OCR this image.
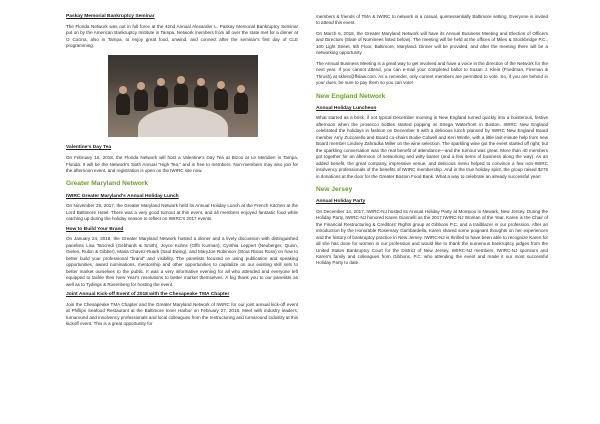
Paskay Memorial Bankruptcy Seminar
The Florida Network was out in full force at the 42nd Annual Alexander L. Paskay Memorial Bankruptcy Seminar put on by the American Bankruptcy Institute in Tampa. Network members from all over the state met for a dinner at O Cocina, also in Tampa, to enjoy great food, unwind, and connect after the seminar's first day of CLE programming.
Valentine's Day Tea
On February 16, 2018, the Florida Network will host a Valentine's Day Tea at Bizou at Le Meridien in Tampa, Florida. It will be the Network's Sixth Annual "High Tea," and is free to members. Non-members may also join for the afternoon event, and registration is open on the IWIRC site now.
Greater Maryland Network
IWIRC Greater Maryland's Annual Holiday Lunch
On November 29, 2017, the Greater Maryland Network held its Annual Holiday Lunch at the French Kitchen at the Lord Baltimore Hotel. There was a very good turnout at this event, and all members enjoyed fantastic food while catching up during the holiday season to reflect on IWIRC's 2017 events.
How to Build Your Brand
On January 24, 2018, the Greater Maryland Network hosted a dinner and a lively discussion with distinguished panelists Lisa Tancredi (Gebhardt & Smith), Joyce Kuhns (Offit Kurman), Cynthia Leppert (Neuberger, Quinn, Gielen, Rubin & Gibber), Maria Chavez-Ruark (Saul Ewing), and MaryJoe Robinson (Stout Risius Ross) on how to better build your professional "brand" and visibility. The panelists focused on using publication and speaking opportunities, award nominations, mentorship and other opportunities to capitalize on our existing skill sets to better market ourselves to the public. It was a very informative evening for all who attended and everyone left equipped to tackle their New Year's resolutions to better market themselves. A big thank you to our panelists as well as to Tydings & Rosenberg for hosting the event.
Joint Annual Kick-off Event of 2018 with the Chesapeake TMA Chapter
Join the Chesapeake TMA Chapter and the Greater Maryland Network of IWIRC for our joint annual kick-off event at Phillips Seafood Restaurant at the Baltimore Inner Harbor on February 27, 2018. Meet with industry leaders, turnaround and insolvency professionals and local colleagues from the restructuring and turnaround industry at this kickoff event. This is a great opportunity for
members & friends of TMA & IWIRC to network in a casual, quintessentially Baltimore setting. Everyone is invited to attend this event.
On March 6, 2018, the Greater Maryland Network will have its Annual Business Meeting and Election of Officers and Directors (Slate of Nominees listed below). The meeting will be held at the offices of Miles & Stockbridge P.C., 100 Light Street, 5th Floor, Baltimore, Maryland. Dinner will be provided, and after the meeting there will be a networking opportunity.
The Annual Business Meeting is a great way to get involved and have a voice in the direction of the Network for the next year. If you cannot attend, you can e-mail your completed ballot to Susan J. Klein (Friedman, Fireman & Thrush) at sklein@ffslaw.com. As a reminder, only current members are permitted to vote. So, if you are behind in your dues, be sure to pay them so you can vote!
New England Network
Annual Holiday Luncheon
What started as a brisk, if not typical December morning in New England turned quickly into a boisterous, festive afternoon when the prosecco bottles started popping at Strega Waterfront in Boston. IWIRC New England celebrated the holidays in fashion on December 8 with a delicious lunch planned by IWIRC New England Board member Amy Zuccarello and Board co-chairs Bodie Colwell and Keri Wintle, with a little last-minute help from new Board member Lindsey Zahradka Miller on the wine selection. The sparkling wine got the event started off right, but the sparkling conversation was the real benefit of attendance—and the turnout was great. More than 40 members got together for an afternoon of networking and witty banter (and a few items of business along the way). As an added benefit, the great company, impressive venue, and delicious menu helped to convince a few non-IWIRC insolvency professionals of the benefits of IWIRC membership. And in the true holiday spirit, the group raised $275 in donations at the door for the Greater Boston Food Bank. What a way to celebrate an already successful year!
New Jersey
Annual Holiday Party
On December 14, 2017, IWIRC-NJ hosted its Annual Holiday Party at Mompou in Newark, New Jersey. During the Holiday Party, IWIRC-NJ honored Karen Giannelli as the 2017 IWIRC-NJ Woman of the Year. Karen is the Chair of the Financial Restructuring & Creditors' Rights group at Gibbons P.C. and a trailblazer in our profession. After an introduction by the Honorable Rosemary Gambardella, Karen shared some poignant thoughts on her experiences and the history of bankruptcy practice in New Jersey. IWIRC-NJ is thrilled to have been able to recognize Karen for all she has done for women in our profession and would like to thank the numerous bankruptcy judges from the United States Bankruptcy Court for the District of New Jersey, IWIRC-NJ members, IWIRC-NJ sponsors and Karen's family and colleagues from Gibbons, P.C. who attending the event and made it our most successful Holiday Party to date.
